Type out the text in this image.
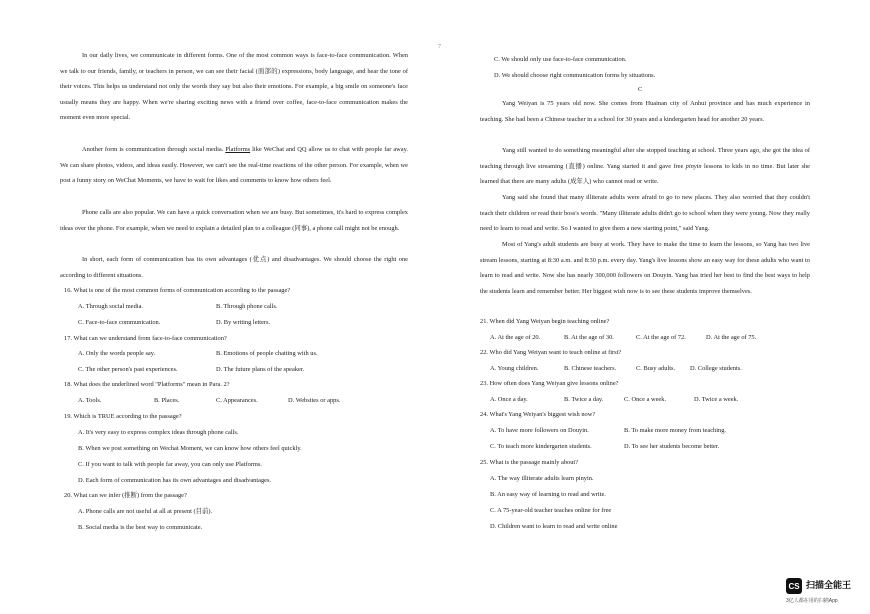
In our daily lives, we communicate in different forms. One of the most common ways is face-to-face communication. When we talk to our friends, family, or teachers in person, we can see their facial (面部的) expressions, body language, and hear the tone of their voices. This helps us understand not only the words they say but also their emotions. For example, a big smile on someone's face usually means they are happy. When we're sharing exciting news with a friend over coffee, face-to-face communication makes the moment even more special.

Another form is communication through social media. Platforms like WeChat and QQ allow us to chat with people far away. We can share photos, videos, and ideas easily. However, we can't see the real-time reactions of the other person. For example, when we post a funny story on WeChat Moments, we have to wait for likes and comments to know how others feel.

Phone calls are also popular. We can have a quick conversation when we are busy. But sometimes, it's hard to express complex ideas over the phone. For example, when we need to explain a detailed plan to a colleague (同事), a phone call might not be enough.

In short, each form of communication has its own advantages (优点) and disadvantages. We should choose the right one according to different situations.

16. What is one of the most common forms of communication according to the passage?
A. Through social media.	B. Through phone calls.
C. Face-to-face communication.	D. By writing letters.
17. What can we understand from face-to-face communication?
A. Only the words people say.	B. Emotions of people chatting with us.
C. The other person's past experiences.	D. The future plans of the speaker.
18. What does the underlined word "Platforms" mean in Para. 2?
A. Tools.	B. Places.	C. Appearances.	D. Websites or apps.
19. Which is TRUE according to the passage?
A. It's very easy to express complex ideas through phone calls.
B. When we post something on Wechat Moment, we can know how others feel quickly.
C. If you want to talk with people far away, you can only use Platforms.
D. Each form of communication has its own advantages and disadvantages.
20. What can we infer (推断) from the passage?
A. Phone calls are not useful at all at present (目前).
B. Social media is the best way to communicate.
7
C. We should only use face-to-face communication.
D. We should choose right communication forms by situations.
C

Yang Weiyan is 75 years old now. She comes from Huainan city of Anhui province and has much experience in teaching. She had been a Chinese teacher in a school for 30 years and a kindergarten head for another 20 years.

Yang still wanted to do something meaningful after she stopped teaching at school. Three years ago, she got the idea of teaching through live streaming (直播) online. Yang started it and gave free pinyin lessons to kids in no time. But later she learned that there are many adults (成年人) who cannot read or write.

Yang said she found that many illiterate adults were afraid to go to new places. They also worried that they couldn't teach their children or read their boss's words. "Many illiterate adults didn't go to school when they were young. Now they really need to learn to read and write. So I wanted to give them a new starting point," said Yang.

Most of Yang's adult students are busy at work. They have to make the time to learn the lessons, so Yang has two live stream lessons, starting at 8:30 a.m. and 8:30 p.m. every day. Yang's live lessons show an easy way for these adults who want to learn to read and write. Now she has nearly 300,000 followers on Douyin. Yang has tried her best to find the best ways to help the students learn and remember better. Her biggest wish now is to see these students improve themselves.

21. When did Yang Weiyan begin teaching online?
A. At the age of 20.	B. At the age of 30.	C. At the age of 72.	D. At the age of 75.
22. Who did Yang Weiyan want to teach online at first?
A. Young children.	B. Chinese teachers.	C. Busy adults. D. College students.
23. How often does Yang Weiyan give lessons online?
A. Once a day.	B. Twice a day.	C. Once a week.	D. Twice a week.
24. What's Yang Weiyan's biggest wish now?
A. To have more followers on Douyin.	B. To make more money from teaching.
C. To teach more kindergarten students.	D. To see her students become better.
25. What is the passage mainly about?
A. The way illiterate adults learn pinyin.
B. An easy way of learning to read and write.
C. A 75-year-old teacher teaches online for free
D. Children want to learn to read and write online
CS 扫描全能王
3亿人都在用的扫描App
